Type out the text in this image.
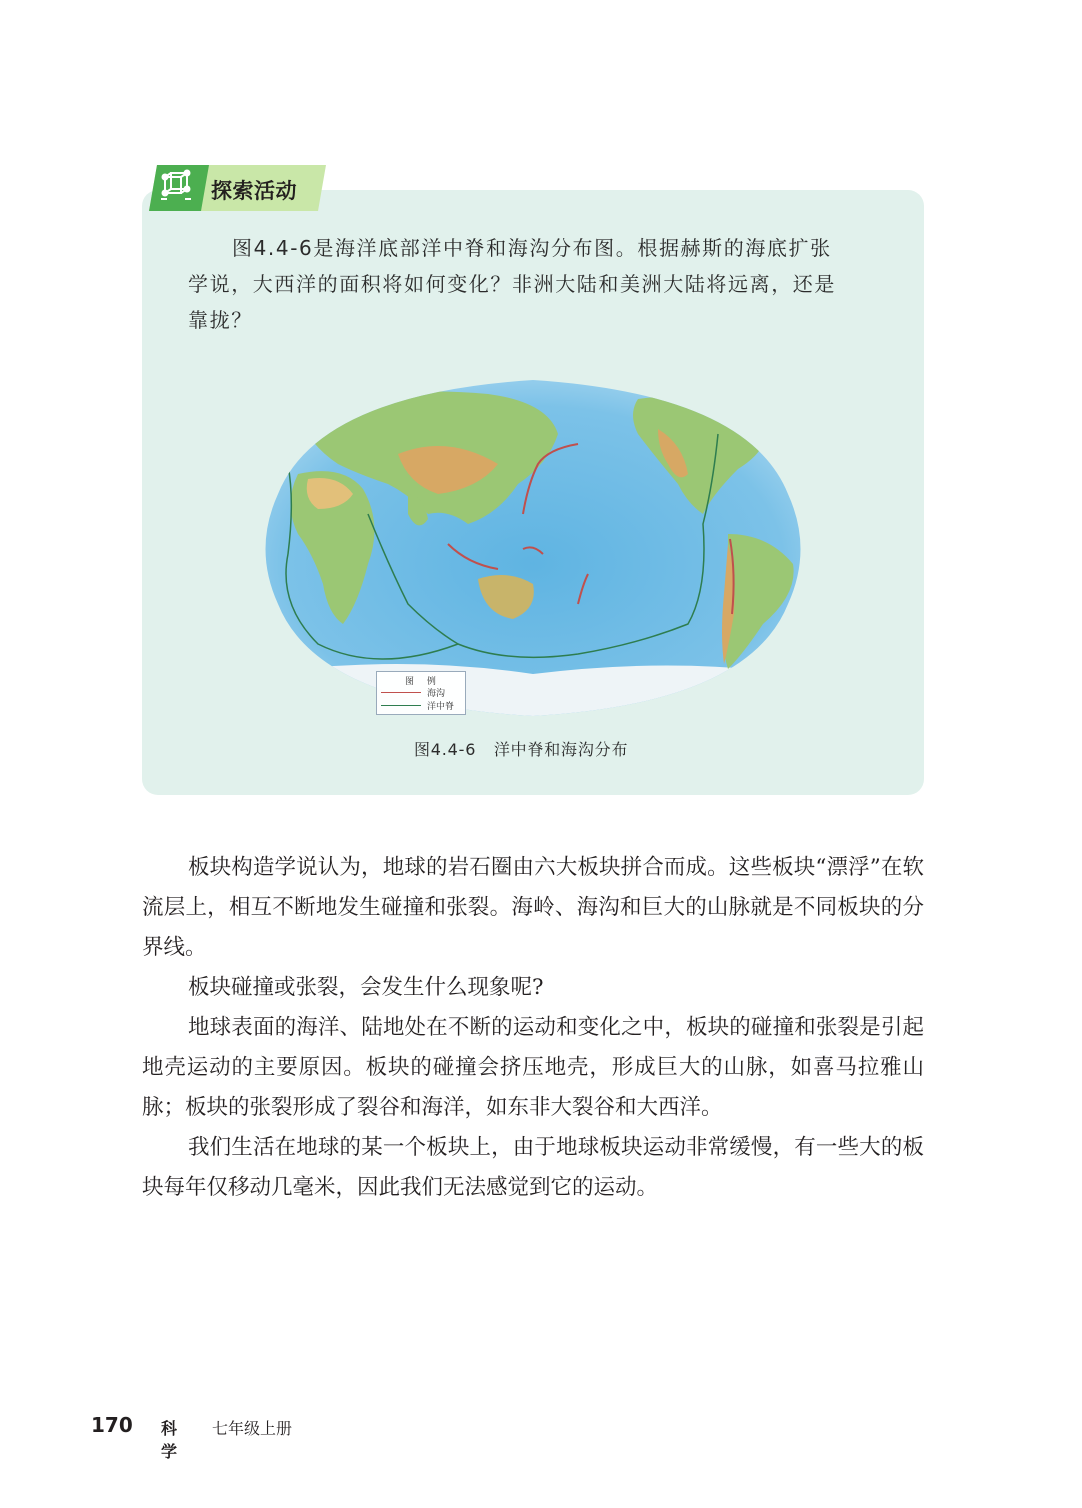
探索活动

图4.4-6是海洋底部洋中脊和海沟分布图。根据赫斯的海底扩张

学说，大西洋的面积将如何变化？非洲大陆和美洲大陆将远离，还是

靠拢？

图 例
海沟
洋中脊
图4.4-6   洋中脊和海沟分布

板块构造学说认为，地球的岩石圈由六大板块拼合而成。这些板块“漂浮”在软流层上，相互不断地发生碰撞和张裂。海岭、海沟和巨大的山脉就是不同板块的分界线。

板块碰撞或张裂，会发生什么现象呢?

地球表面的海洋、陆地处在不断的运动和变化之中，板块的碰撞和张裂是引起地壳运动的主要原因。板块的碰撞会挤压地壳，形成巨大的山脉，如喜马拉雅山脉；板块的张裂形成了裂谷和海洋，如东非大裂谷和大西洋。

我们生活在地球的某一个板块上，由于地球板块运动非常缓慢，有一些大的板块每年仅移动几毫米，因此我们无法感觉到它的运动。

170 科学
七年级上册
